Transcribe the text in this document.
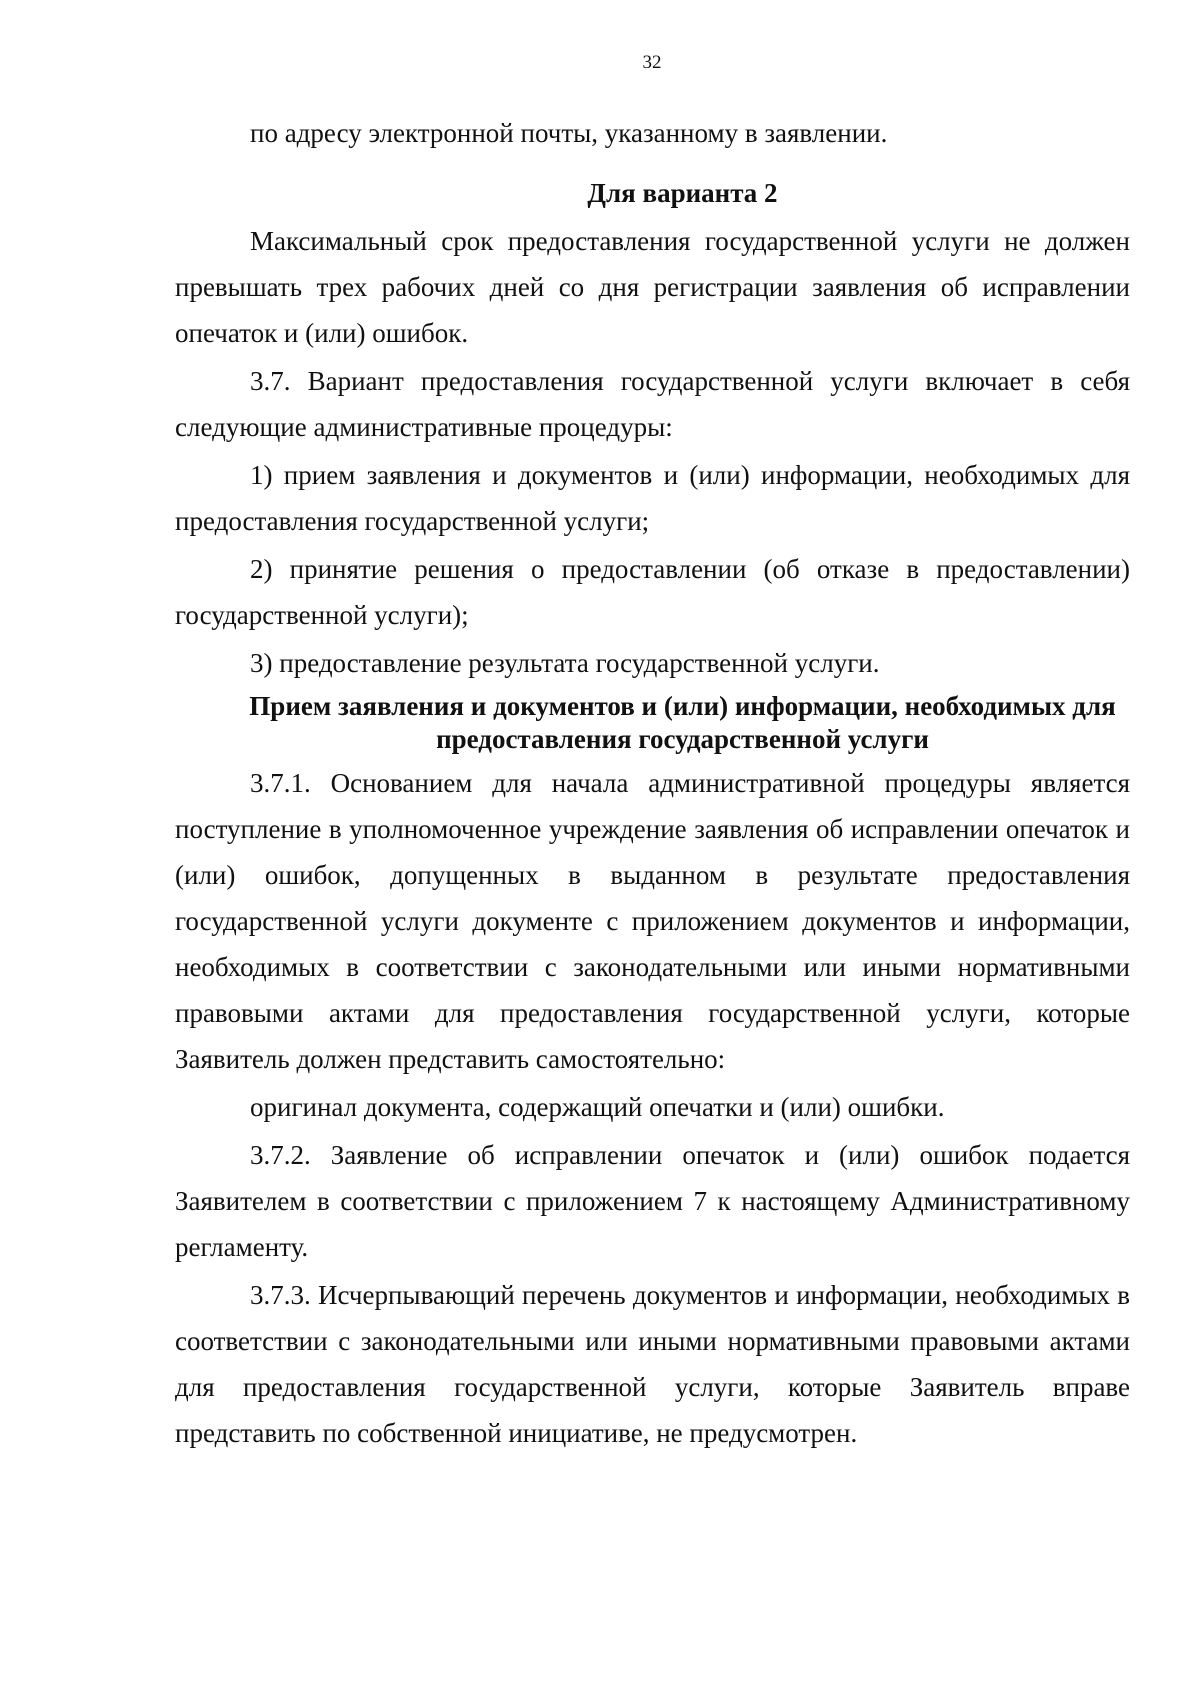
32

по адресу электронной почты, указанному в заявлении.

Для варианта 2

Максимальный срок предоставления государственной услуги не должен превышать трех рабочих дней со дня регистрации заявления об исправлении опечаток и (или) ошибок.

3.7. Вариант предоставления государственной услуги включает в себя следующие административные процедуры:

1) прием заявления и документов и (или) информации, необходимых для предоставления государственной услуги;

2) принятие решения о предоставлении (об отказе в предоставлении) государственной услуги);

3) предоставление результата государственной услуги.

Прием заявления и документов и (или) информации, необходимых для предоставления государственной услуги

3.7.1. Основанием для начала административной процедуры является поступление в уполномоченное учреждение заявления об исправлении опечаток и (или) ошибок, допущенных в выданном в результате предоставления государственной услуги документе с приложением документов и информации, необходимых в соответствии с законодательными или иными нормативными правовыми актами для предоставления государственной услуги, которые Заявитель должен представить самостоятельно:

оригинал документа, содержащий опечатки и (или) ошибки.

3.7.2. Заявление об исправлении опечаток и (или) ошибок подается Заявителем в соответствии с приложением 7 к настоящему Административному регламенту.

3.7.3. Исчерпывающий перечень документов и информации, необходимых в соответствии с законодательными или иными нормативными правовыми актами для предоставления государственной услуги, которые Заявитель вправе представить по собственной инициативе, не предусмотрен.
